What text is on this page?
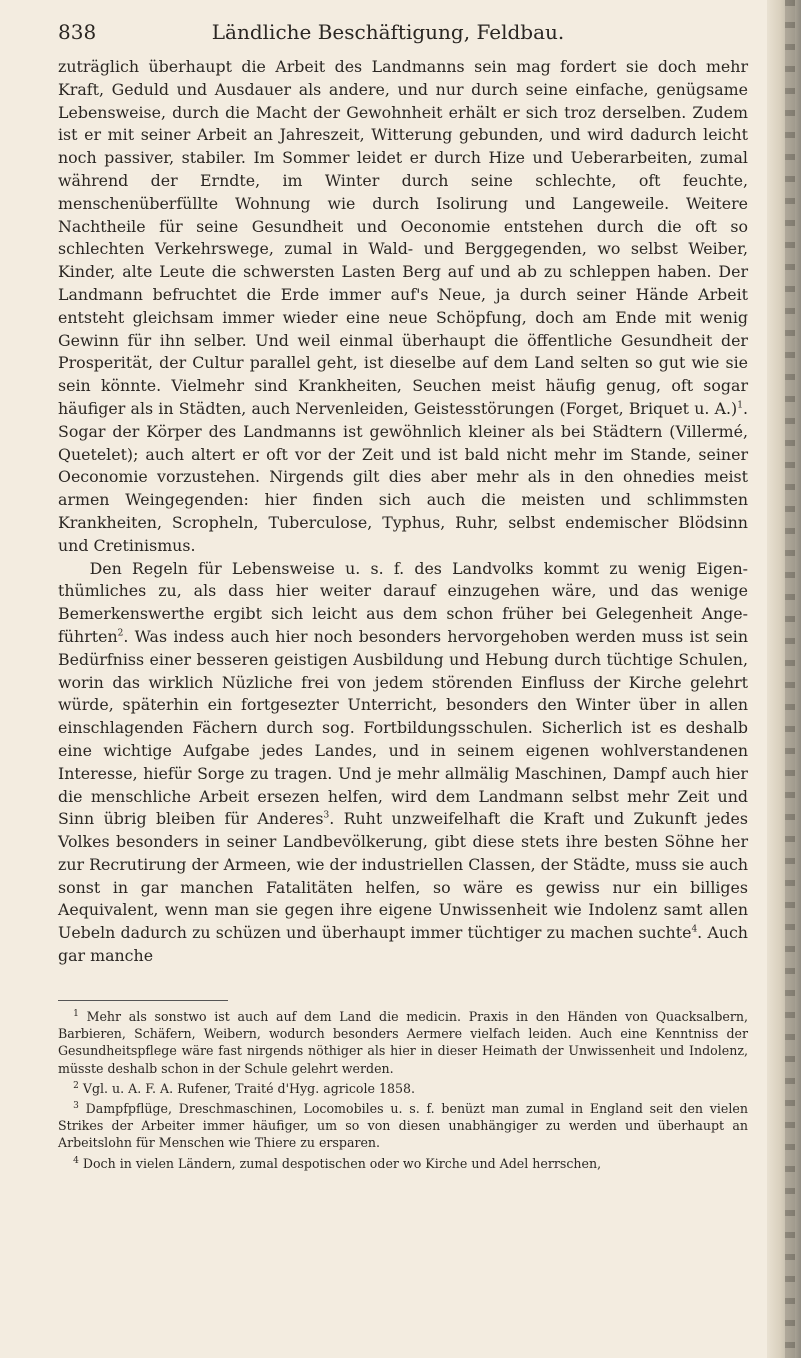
838	Ländliche Beschäftigung, Feldbau.

zuträglich überhaupt die Arbeit des Landmanns sein mag fordert sie doch mehr Kraft, Geduld und Ausdauer als andere, und nur durch seine einfache, genügsame Lebensweise, durch die Macht der Gewohnheit erhält er sich troz derselben. Zudem ist er mit seiner Arbeit an Jahreszeit, Witterung gebunden, und wird dadurch leicht noch passiver, stabiler. Im Sommer leidet er durch Hize und Ueberarbeiten, zumal während der Erndte, im Winter durch seine schlechte, oft feuchte, menschenüberfüllte Wohnung wie durch Isolirung und Langeweile. Weitere Nachtheile für seine Gesundheit und Oeconomie entstehen durch die oft so schlechten Verkehrswege, zumal in Wald- und Berggegenden, wo selbst Weiber, Kinder, alte Leute die schwersten Lasten Berg auf und ab zu schleppen haben. Der Landmann befruchtet die Erde immer auf's Neue, ja durch seiner Hände Arbeit entsteht gleichsam immer wieder eine neue Schöpfung, doch am Ende mit wenig Gewinn für ihn selber. Und weil einmal überhaupt die öffentliche Gesundheit der Prosperität, der Cultur parallel geht, ist dieselbe auf dem Land selten so gut wie sie sein könnte. Vielmehr sind Krankheiten, Seuchen meist häufig genug, oft sogar häufiger als in Städten, auch Nervenleiden, Geistesstörungen (Forget, Briquet u. A.)$^1$. Sogar der Körper des Landmanns ist gewöhnlich kleiner als bei Städtern (Villermé, Quetelet); auch altert er oft vor der Zeit und ist bald nicht mehr im Stande, seiner Oeconomie vorzustehen. Nirgends gilt dies aber mehr als in den ohnedies meist armen Weingegenden: hier finden sich auch die meisten und schlimmsten Krankheiten, Scropheln, Tuberculose, Typhus, Ruhr, selbst endemischer Blödsinn und Cretinismus.

Den Regeln für Lebensweise u. s. f. des Landvolks kommt zu wenig Eigenthümliches zu, als dass hier weiter darauf einzugehen wäre, und das wenige Bemerkenswerthe ergibt sich leicht aus dem schon früher bei Gelegenheit Angeführten$^2$. Was indess auch hier noch besonders hervorgehoben werden muss ist sein Bedürfniss einer besseren geistigen Ausbildung und Hebung durch tüchtige Schulen, worin das wirklich Nüzliche frei von jedem störenden Einfluss der Kirche gelehrt würde, späterhin ein fortgesezter Unterricht, besonders den Winter über in allen einschlagenden Fächern durch sog. Fortbildungsschulen. Sicherlich ist es deshalb eine wichtige Aufgabe jedes Landes, und in seinem eigenen wohlverstandenen Interesse, hiefür Sorge zu tragen. Und je mehr allmälig Maschinen, Dampf auch hier die menschliche Arbeit ersezen helfen, wird dem Landmann selbst mehr Zeit und Sinn übrig bleiben für Anderes$^3$. Ruht unzweifelhaft die Kraft und Zukunft jedes Volkes besonders in seiner Landbevölkerung, gibt diese stets ihre besten Söhne her zur Recrutirung der Armeen, wie der industriellen Classen, der Städte, muss sie auch sonst in gar manchen Fatalitäten helfen, so wäre es gewiss nur ein billiges Aequivalent, wenn man sie gegen ihre eigene Unwissenheit wie Indolenz samt allen Uebeln dadurch zu schüzen und überhaupt immer tüchtiger zu machen suchte$^4$. Auch gar manche

$^1$ Mehr als sonstwo ist auch auf dem Land die medicin. Praxis in den Händen von Quacksalbern, Barbieren, Schäfern, Weibern, wodurch besonders Aermere vielfach leiden. Auch eine Kenntniss der Gesundheitspflege wäre fast nirgends nöthiger als hier in dieser Heimath der Unwissenheit und Indolenz, müsste deshalb schon in der Schule gelehrt werden.

$^2$ Vgl. u. A. F. A. Rufener, Traité d'Hyg. agricole 1858.

$^3$ Dampfpflüge, Dreschmaschinen, Locomobiles u. s. f. benüzt man zumal in England seit den vielen Strikes der Arbeiter immer häufiger, um so von diesen unabhängiger zu werden und überhaupt an Arbeitslohn für Menschen wie Thiere zu ersparen.

$^4$ Doch in vielen Ländern, zumal despotischen oder wo Kirche und Adel herrschen,
